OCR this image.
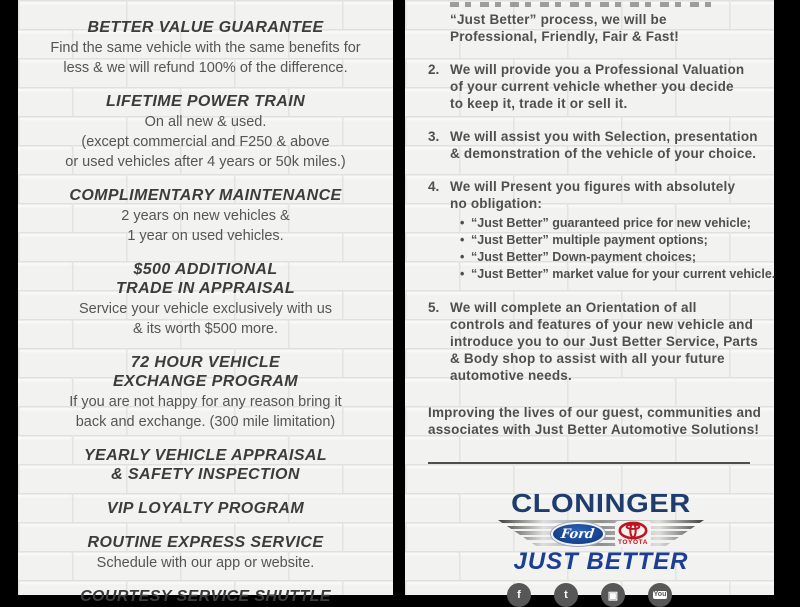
BETTER VALUE GUARANTEE
Find the same vehicle with the same benefits for
less & we will refund 100% of the difference.
LIFETIME POWER TRAIN
On all new & used.
(except commercial and F250 & above
or used vehicles after 4 years or 50k miles.)
COMPLIMENTARY MAINTENANCE
2 years on new vehicles &
1 year on used vehicles.
$500 ADDITIONAL
TRADE IN APPRAISAL
Service your vehicle exclusively with us
& its worth $500 more.
72 HOUR VEHICLE
EXCHANGE PROGRAM
If you are not happy for any reason bring it
back and exchange. (300 mile limitation)
YEARLY VEHICLE APPRAISAL
& SAFETY INSPECTION
VIP LOYALTY PROGRAM
ROUTINE EXPRESS SERVICE
Schedule with our app or website.
COURTESY SERVICE SHUTTLE
“Just Better” process, we will be
Professional, Friendly, Fair & Fast!
2. We will provide you a Professional Valuation
of your current vehicle whether you decide
to keep it, trade it or sell it.
3. We will assist you with Selection, presentation
& demonstration of the vehicle of your choice.
4. We will Present you figures with absolutely
no obligation:
• “Just Better” guaranteed price for new vehicle;
• “Just Better” multiple payment options;
• “Just Better” Down-payment choices;
• “Just Better” market value for your current vehicle.
5. We will complete an Orientation of all
controls and features of your new vehicle and
introduce you to our Just Better Service, Parts
& Body shop to assist with all your future
automotive needs.
Improving the lives of our guest, communities and
associates with Just Better Automotive Solutions!
CLONINGER
Ford
TOYOTA
JUST BETTER
f	t	▣	You
